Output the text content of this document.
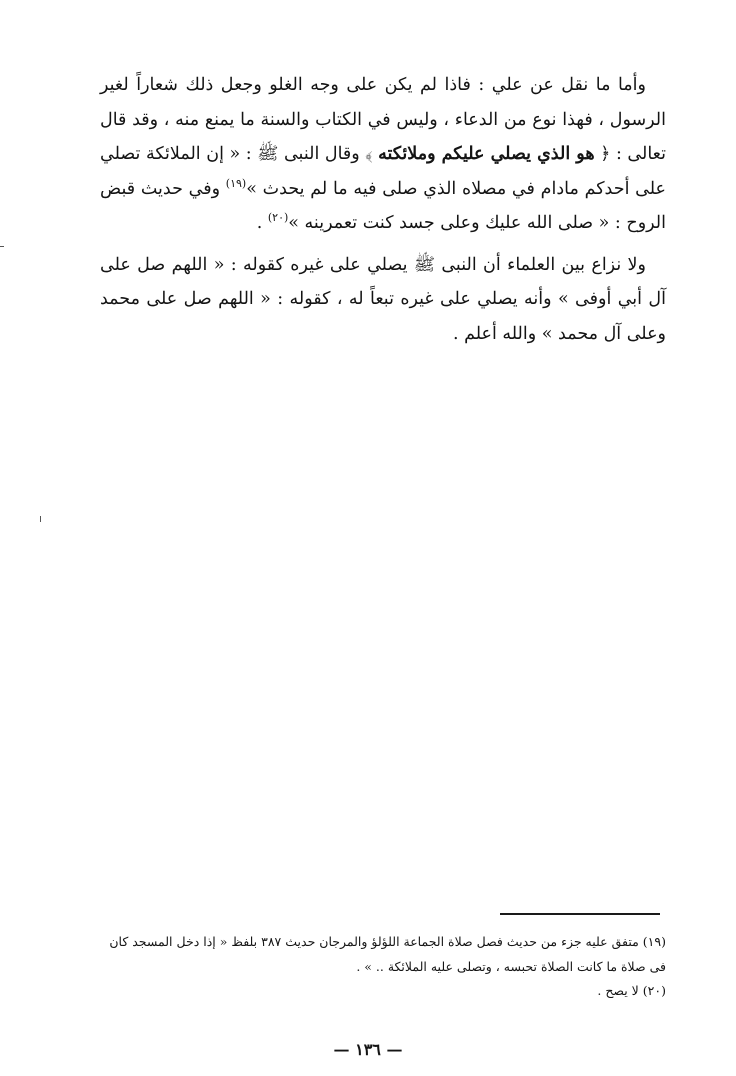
وأما ما نقل عن علي : فاذا لم يكن على وجه الغلو وجعل ذلك شعاراً لغير الرسول ، فهذا نوع من الدعاء ، وليس في الكتاب والسنة ما يمنع منه ، وقد قال تعالى : ﴿ هو الذي يصلي عليكم وملائكته ﴾ وقال النبى ﷺ : « إن الملائكة تصلي على أحدكم مادام في مصلاه الذي صلى فيه ما لم يحدث »$^{(١٩)}$ وفي حديث قبض الروح : « صلى الله عليك وعلى جسد كنت تعمرينه »$^{(٢٠)}$ .

ولا نزاع بين العلماء أن النبى ﷺ يصلي على غيره كقوله : « اللهم صل على آل أبي أوفى » وأنه يصلي على غيره تبعاً له ، كقوله : « اللهم صل على محمد وعلى آل محمد » والله أعلم .

(١٩) متفق عليه جزء من حديث فصل صلاة الجماعة اللؤلؤ والمرجان حديث ٣٨٧ بلفظ « إذا دخل المسجد كان فى صلاة ما كانت الصلاة تحبسه ، وتصلى عليه الملائكة .. » .

(٢٠) لا يصح .

— ١٣٦ —
